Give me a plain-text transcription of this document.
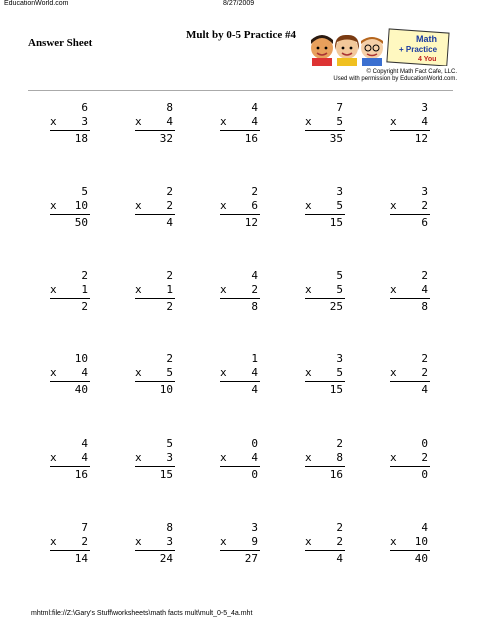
EducationWorld.com	8/27/2009
Answer Sheet
Mult by 0-5 Practice #4	Math
+ Practice
4 You
© Copyright Math Fact Cafe, LLC.
Used with permission by EducationWorld.com.
6
x 3
18
8
x 4
32
4
x 4
16
7
x 5
35
3
x 4
12
5
x 10
50
2
x 2
4
2
x 6
12
3
x 5
15
3
x 2
6
2
x 1
2
2
x 1
2
4
x 2
8
5
x 5
25
2
x 4
8
10
x 4
40
2
x 5
10
1
x 4
4
3
x 5
15
2
x 2
4
4
x 4
16
5
x 3
15
0
x 4
0
2
x 8
16
0
x 2
0
7
x 2
14
8
x 3
24
3
x 9
27
2
x 2
4
4
x 10
40
mhtml:file://Z:\Gary's Stuff\worksheets\math facts mult\mult_0-5_4a.mht
